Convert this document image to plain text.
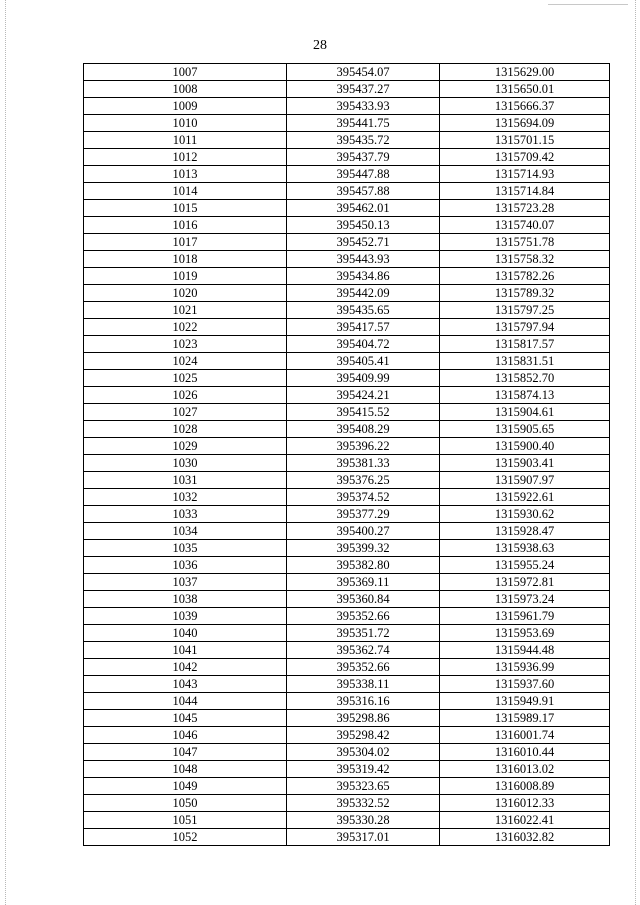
28
1007	395454.07	1315629.00
1008	395437.27	1315650.01
1009	395433.93	1315666.37
1010	395441.75	1315694.09
1011	395435.72	1315701.15
1012	395437.79	1315709.42
1013	395447.88	1315714.93
1014	395457.88	1315714.84
1015	395462.01	1315723.28
1016	395450.13	1315740.07
1017	395452.71	1315751.78
1018	395443.93	1315758.32
1019	395434.86	1315782.26
1020	395442.09	1315789.32
1021	395435.65	1315797.25
1022	395417.57	1315797.94
1023	395404.72	1315817.57
1024	395405.41	1315831.51
1025	395409.99	1315852.70
1026	395424.21	1315874.13
1027	395415.52	1315904.61
1028	395408.29	1315905.65
1029	395396.22	1315900.40
1030	395381.33	1315903.41
1031	395376.25	1315907.97
1032	395374.52	1315922.61
1033	395377.29	1315930.62
1034	395400.27	1315928.47
1035	395399.32	1315938.63
1036	395382.80	1315955.24
1037	395369.11	1315972.81
1038	395360.84	1315973.24
1039	395352.66	1315961.79
1040	395351.72	1315953.69
1041	395362.74	1315944.48
1042	395352.66	1315936.99
1043	395338.11	1315937.60
1044	395316.16	1315949.91
1045	395298.86	1315989.17
1046	395298.42	1316001.74
1047	395304.02	1316010.44
1048	395319.42	1316013.02
1049	395323.65	1316008.89
1050	395332.52	1316012.33
1051	395330.28	1316022.41
1052	395317.01	1316032.82
